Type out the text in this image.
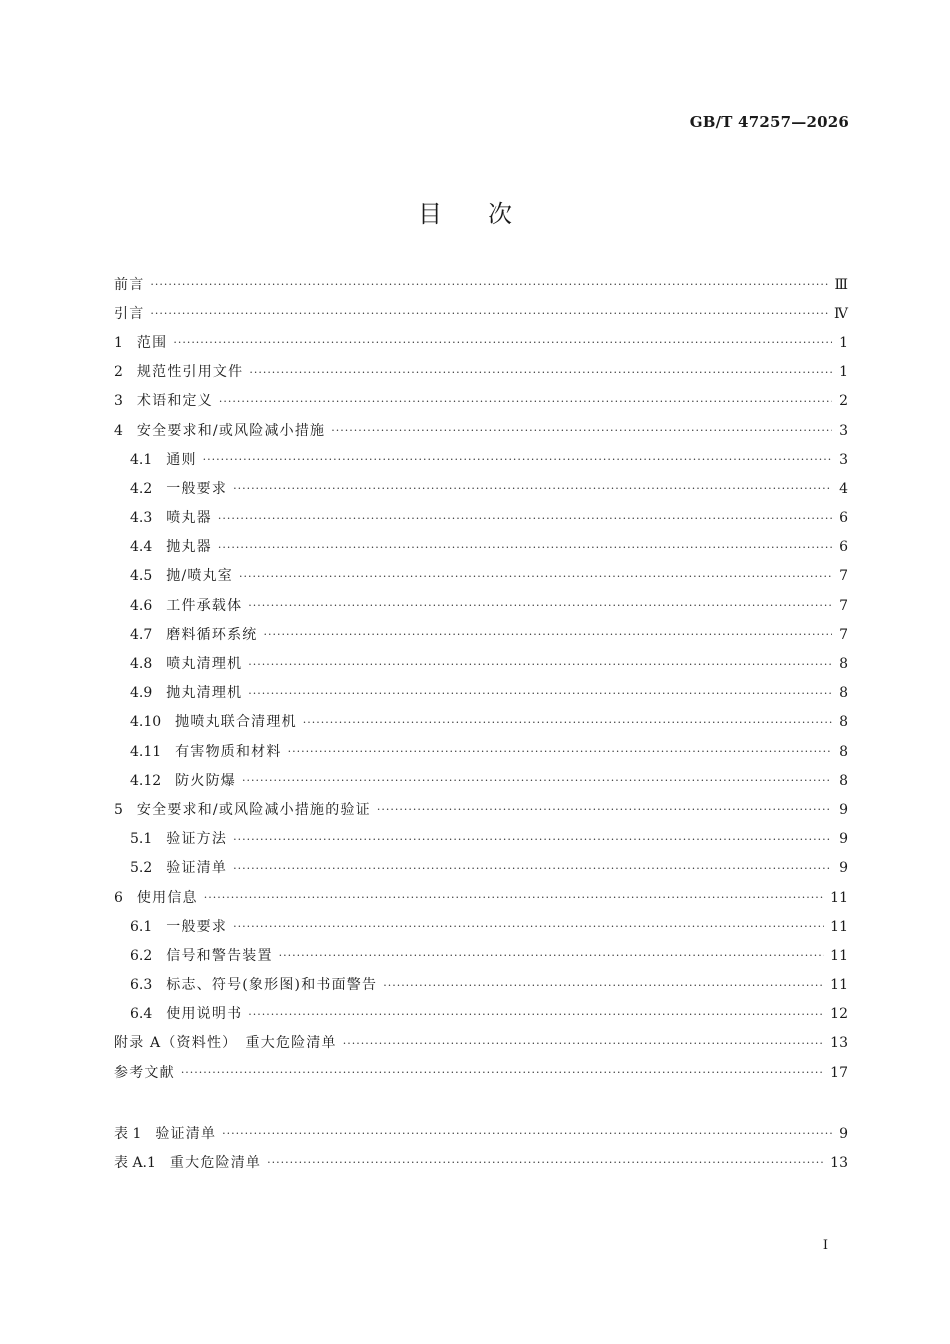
GB/T 47257—2026
目次
前言 ·····	Ⅲ
引言 ·····	Ⅳ
1 范围 ·····	1
2 规范性引用文件 ·····	1
3 术语和定义 ·····	2
4 安全要求和/或风险减小措施 ·····	3
4.1 通则 ·····	3
4.2 一般要求 ·····	4
4.3 喷丸器 ·····	6
4.4 抛丸器 ·····	6
4.5 抛/喷丸室 ·····	7
4.6 工件承载体 ·····	7
4.7 磨料循环系统 ·····	7
4.8 喷丸清理机 ·····	8
4.9 抛丸清理机 ·····	8
4.10 抛喷丸联合清理机 ·····	8
4.11 有害物质和材料 ·····	8
4.12 防火防爆 ·····	8
5 安全要求和/或风险减小措施的验证 ·····	9
5.1 验证方法 ·····	9
5.2 验证清单 ·····	9
6 使用信息 ·····	11
6.1 一般要求 ·····	11
6.2 信号和警告装置 ·····	11
6.3 标志、符号(象形图)和书面警告 ·····	11
6.4 使用说明书 ·····	12
附录 A（资料性）　重大危险清单 ·····	13
参考文献 ·····	17
表 1 验证清单 ·····	9
表 A.1 重大危险清单 ·····	13
I
